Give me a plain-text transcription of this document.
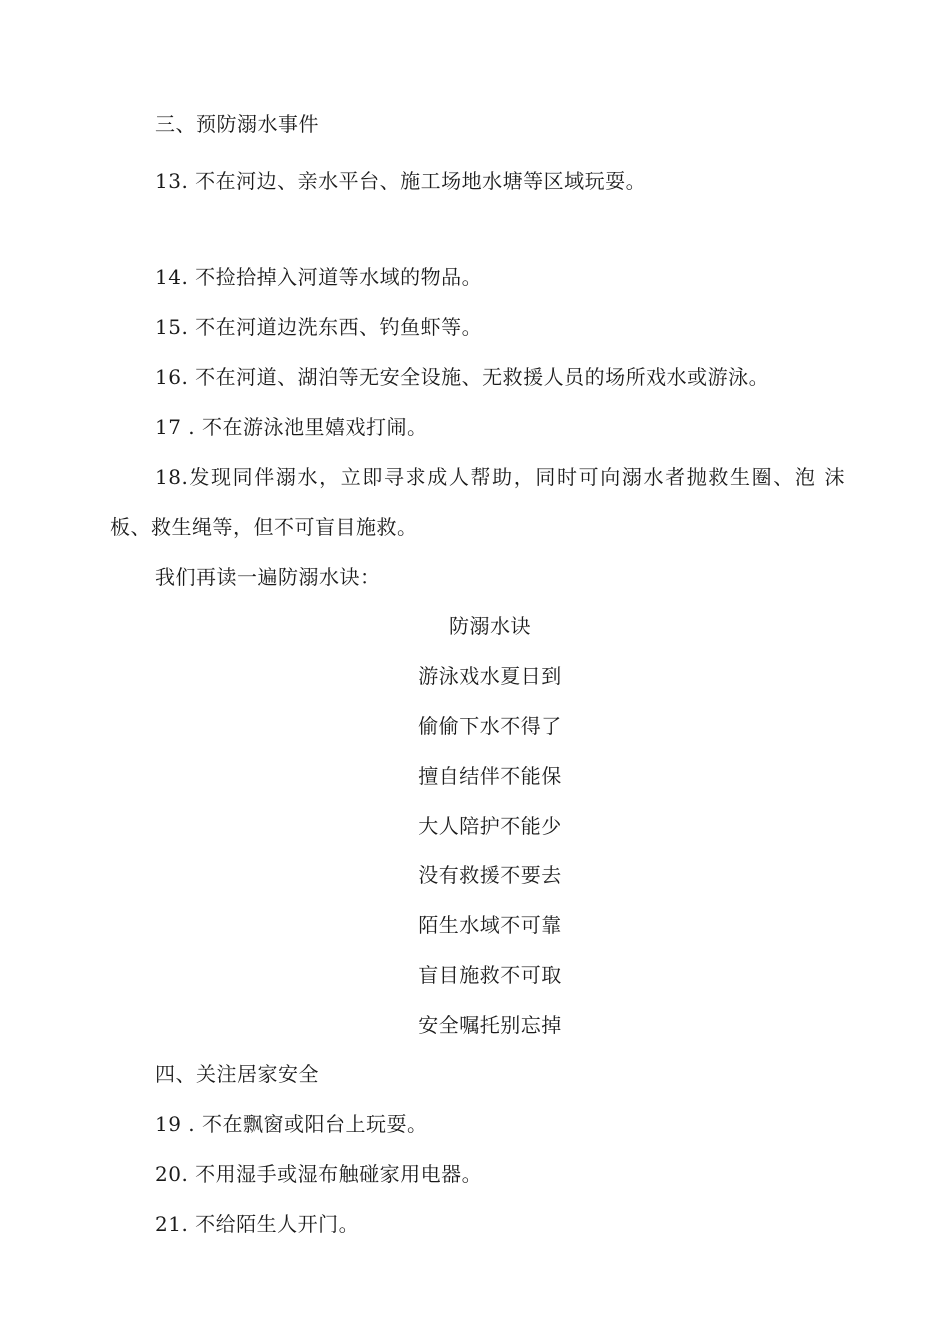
三、预防溺水事件
13. 不在河边、亲水平台、施工场地水塘等区域玩耍。
14. 不捡拾掉入河道等水域的物品。
15. 不在河道边洗东西、钓鱼虾等。
16. 不在河道、湖泊等无安全设施、无救援人员的场所戏水或游泳。
17 . 不在游泳池里嬉戏打闹。
18.发现同伴溺水，立即寻求成人帮助，同时可向溺水者抛救生圈、泡 沫
板、救生绳等，但不可盲目施救。
我们再读一遍防溺水诀：
防溺水诀
游泳戏水夏日到
偷偷下水不得了
擅自结伴不能保
大人陪护不能少
没有救援不要去
陌生水域不可靠
盲目施救不可取
安全嘱托别忘掉
四、关注居家安全
19 . 不在飘窗或阳台上玩耍。
20. 不用湿手或湿布触碰家用电器。
21. 不给陌生人开门。
